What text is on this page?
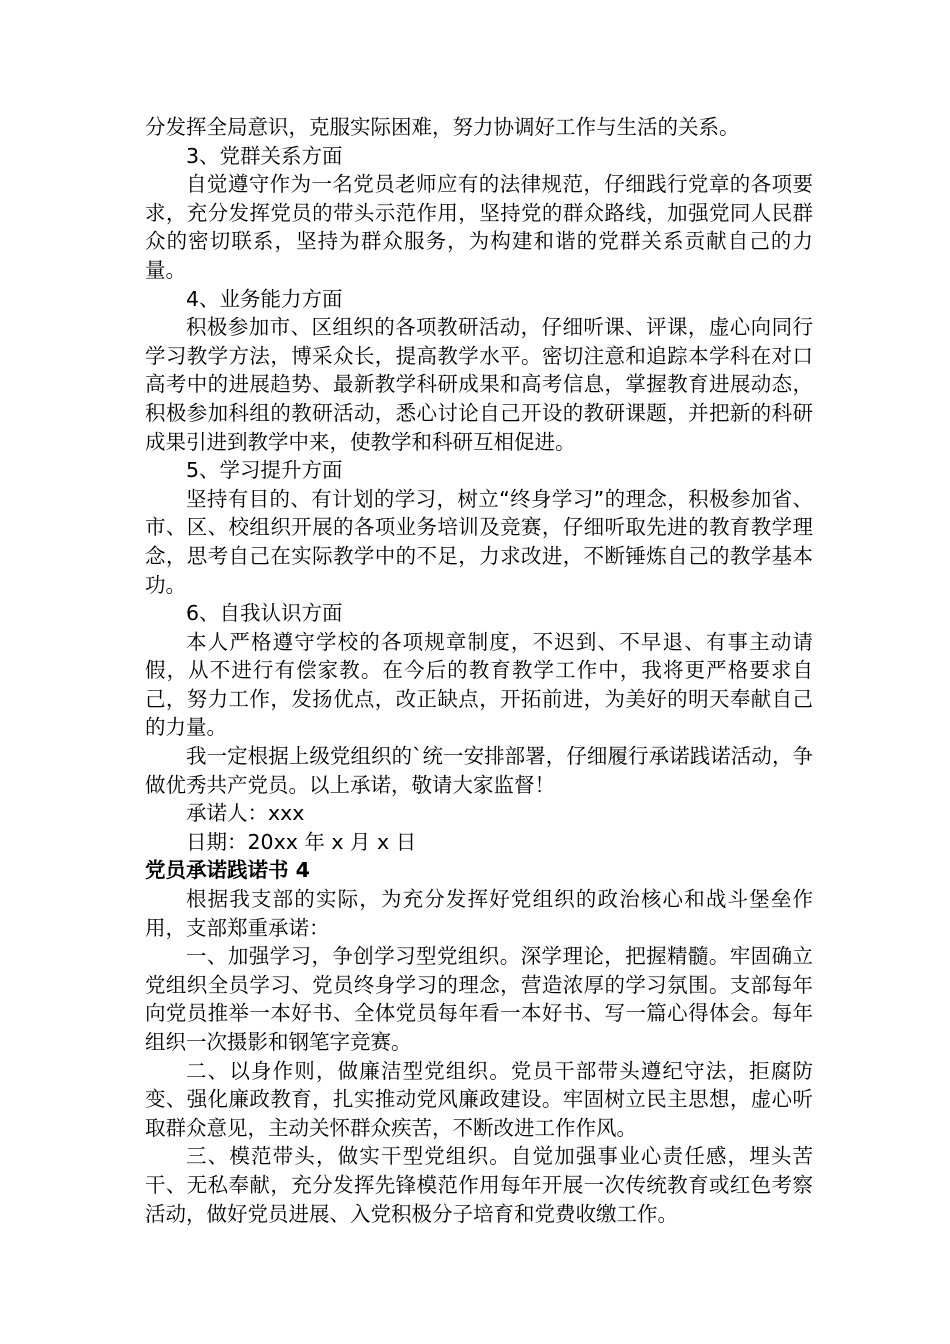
分发挥全局意识，克服实际困难，努力协调好工作与生活的关系。

3、党群关系方面

自觉遵守作为一名党员老师应有的法律规范，仔细践行党章的各项要求，充分发挥党员的带头示范作用，坚持党的群众路线，加强党同人民群众的密切联系，坚持为群众服务，为构建和谐的党群关系贡献自己的力量。

4、业务能力方面

积极参加市、区组织的各项教研活动，仔细听课、评课，虚心向同行学习教学方法，博采众长，提高教学水平。密切注意和追踪本学科在对口高考中的进展趋势、最新教学科研成果和高考信息，掌握教育进展动态，积极参加科组的教研活动，悉心讨论自己开设的教研课题，并把新的科研成果引进到教学中来，使教学和科研互相促进。

5、学习提升方面

坚持有目的、有计划的学习，树立“终身学习”的理念，积极参加省、市、区、校组织开展的各项业务培训及竞赛，仔细听取先进的教育教学理念，思考自己在实际教学中的不足，力求改进，不断锤炼自己的教学基本功。

6、自我认识方面

本人严格遵守学校的各项规章制度，不迟到、不早退、有事主动请假，从不进行有偿家教。在今后的教育教学工作中，我将更严格要求自己，努力工作，发扬优点，改正缺点，开拓前进，为美好的明天奉献自己的力量。

我一定根据上级党组织的`统一安排部署，仔细履行承诺践诺活动，争做优秀共产党员。以上承诺，敬请大家监督！

承诺人：xxx

日期：20xx 年 x 月 x 日

党员承诺践诺书 4

根据我支部的实际，为充分发挥好党组织的政治核心和战斗堡垒作用，支部郑重承诺：

一、加强学习，争创学习型党组织。深学理论，把握精髓。牢固确立党组织全员学习、党员终身学习的理念，营造浓厚的学习氛围。支部每年向党员推举一本好书、全体党员每年看一本好书、写一篇心得体会。每年组织一次摄影和钢笔字竞赛。

二、以身作则，做廉洁型党组织。党员干部带头遵纪守法，拒腐防变、强化廉政教育，扎实推动党风廉政建设。牢固树立民主思想，虚心听取群众意见，主动关怀群众疾苦，不断改进工作作风。

三、模范带头，做实干型党组织。自觉加强事业心责任感，埋头苦干、无私奉献，充分发挥先锋模范作用每年开展一次传统教育或红色考察活动，做好党员进展、入党积极分子培育和党费收缴工作。
